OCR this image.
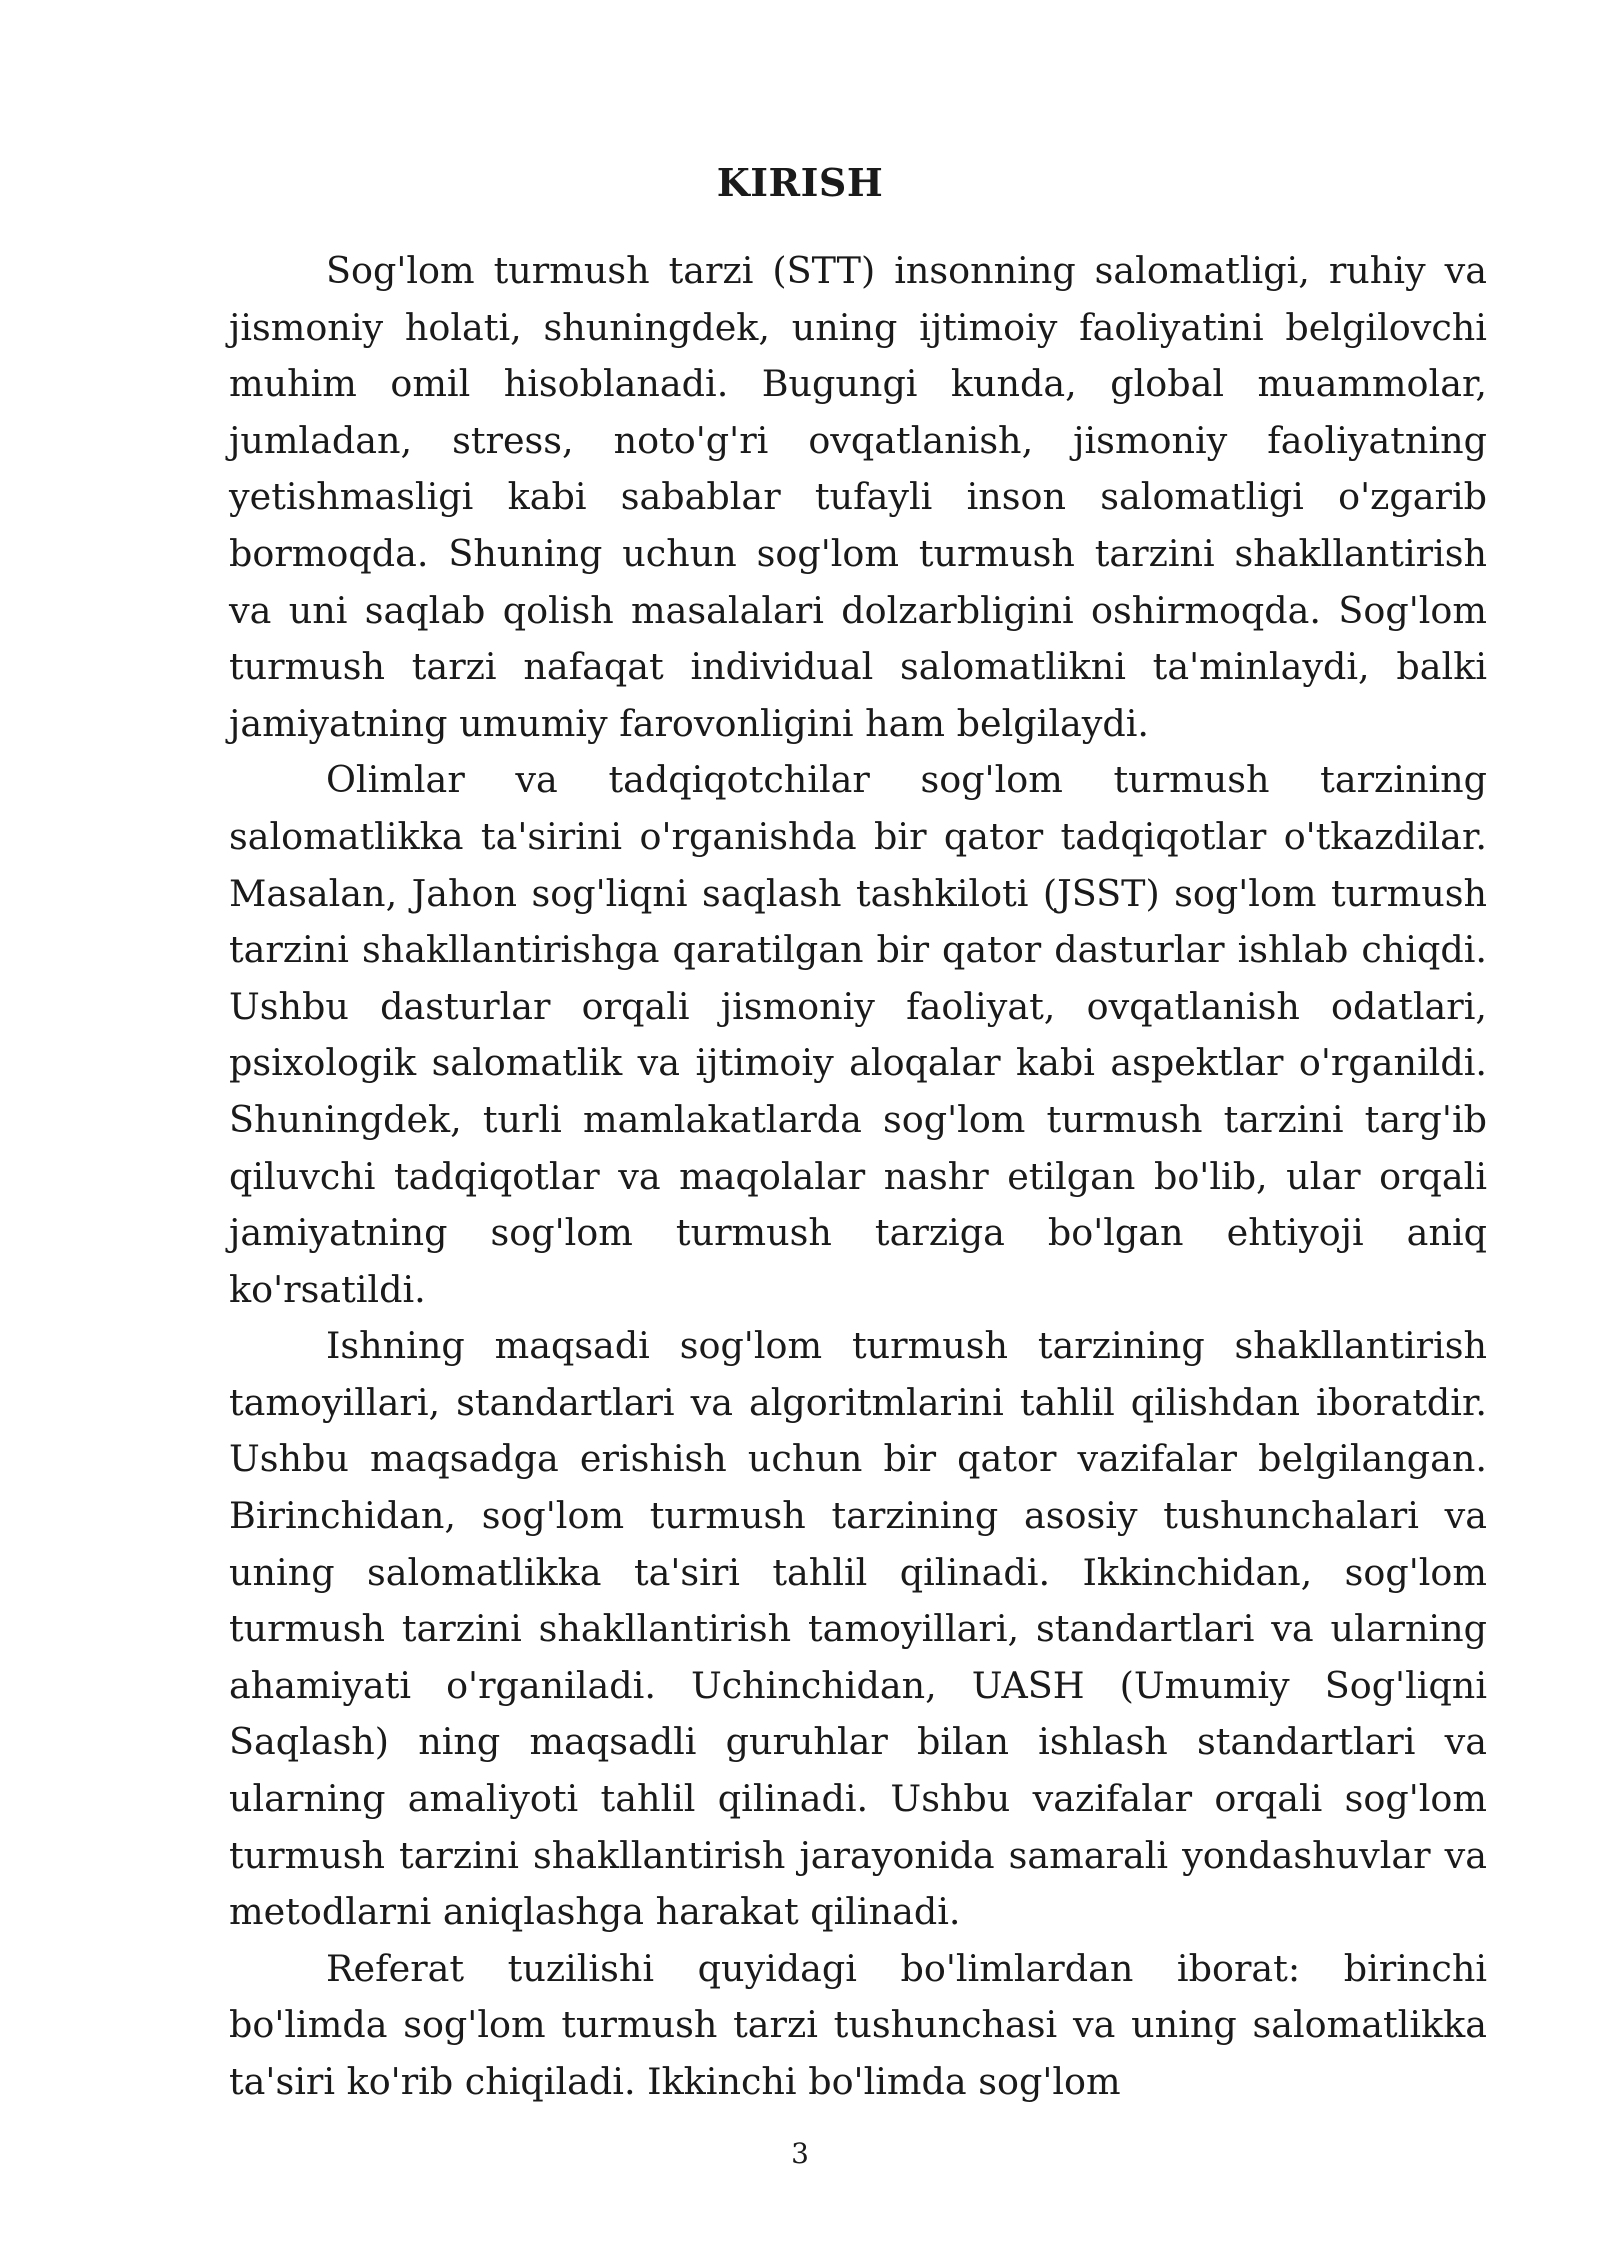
KIRISH

Sog'lom turmush tarzi (STT) insonning salomatligi, ruhiy va jismoniy holati, shuningdek, uning ijtimoiy faoliyatini belgilovchi muhim omil hisoblanadi. Bugungi kunda, global muammolar, jumladan, stress, noto'g'ri ovqatlanish, jismoniy faoliyatning yetishmasligi kabi sabablar tufayli inson salomatligi o'zgarib bormoqda. Shuning uchun sog'lom turmush tarzini shakllantirish va uni saqlab qolish masalalari dolzarbligini oshirmoqda. Sog'lom turmush tarzi nafaqat individual salomatlikni ta'minlaydi, balki jamiyatning umumiy farovonligini ham belgilaydi.

Olimlar va tadqiqotchilar sog'lom turmush tarzining salomatlikka ta'sirini o'rganishda bir qator tadqiqotlar o'tkazdilar. Masalan, Jahon sog'liqni saqlash tashkiloti (JSST) sog'lom turmush tarzini shakllantirishga qaratilgan bir qator dasturlar ishlab chiqdi. Ushbu dasturlar orqali jismoniy faoliyat, ovqatlanish odatlari, psixologik salomatlik va ijtimoiy aloqalar kabi aspektlar o'rganildi. Shuningdek, turli mamlakatlarda sog'lom turmush tarzini targ'ib qiluvchi tadqiqotlar va maqolalar nashr etilgan bo'lib, ular orqali jamiyatning sog'lom turmush tarziga bo'lgan ehtiyoji aniq ko'rsatildi.

Ishning maqsadi sog'lom turmush tarzining shakllantirish tamoyillari, standartlari va algoritmlarini tahlil qilishdan iboratdir. Ushbu maqsadga erishish uchun bir qator vazifalar belgilangan. Birinchidan, sog'lom turmush tarzining asosiy tushunchalari va uning salomatlikka ta'siri tahlil qilinadi. Ikkinchidan, sog'lom turmush tarzini shakllantirish tamoyillari, standartlari va ularning ahamiyati o'rganiladi. Uchinchidan, UASH (Umumiy Sog'liqni Saqlash) ning maqsadli guruhlar bilan ishlash standartlari va ularning amaliyoti tahlil qilinadi. Ushbu vazifalar orqali sog'lom turmush tarzini shakllantirish jarayonida samarali yondashuvlar va metodlarni aniqlashga harakat qilinadi.

Referat tuzilishi quyidagi bo'limlardan iborat: birinchi bo'limda sog'lom turmush tarzi tushunchasi va uning salomatlikka ta'siri ko'rib chiqiladi. Ikkinchi bo'limda sog'lom

3
